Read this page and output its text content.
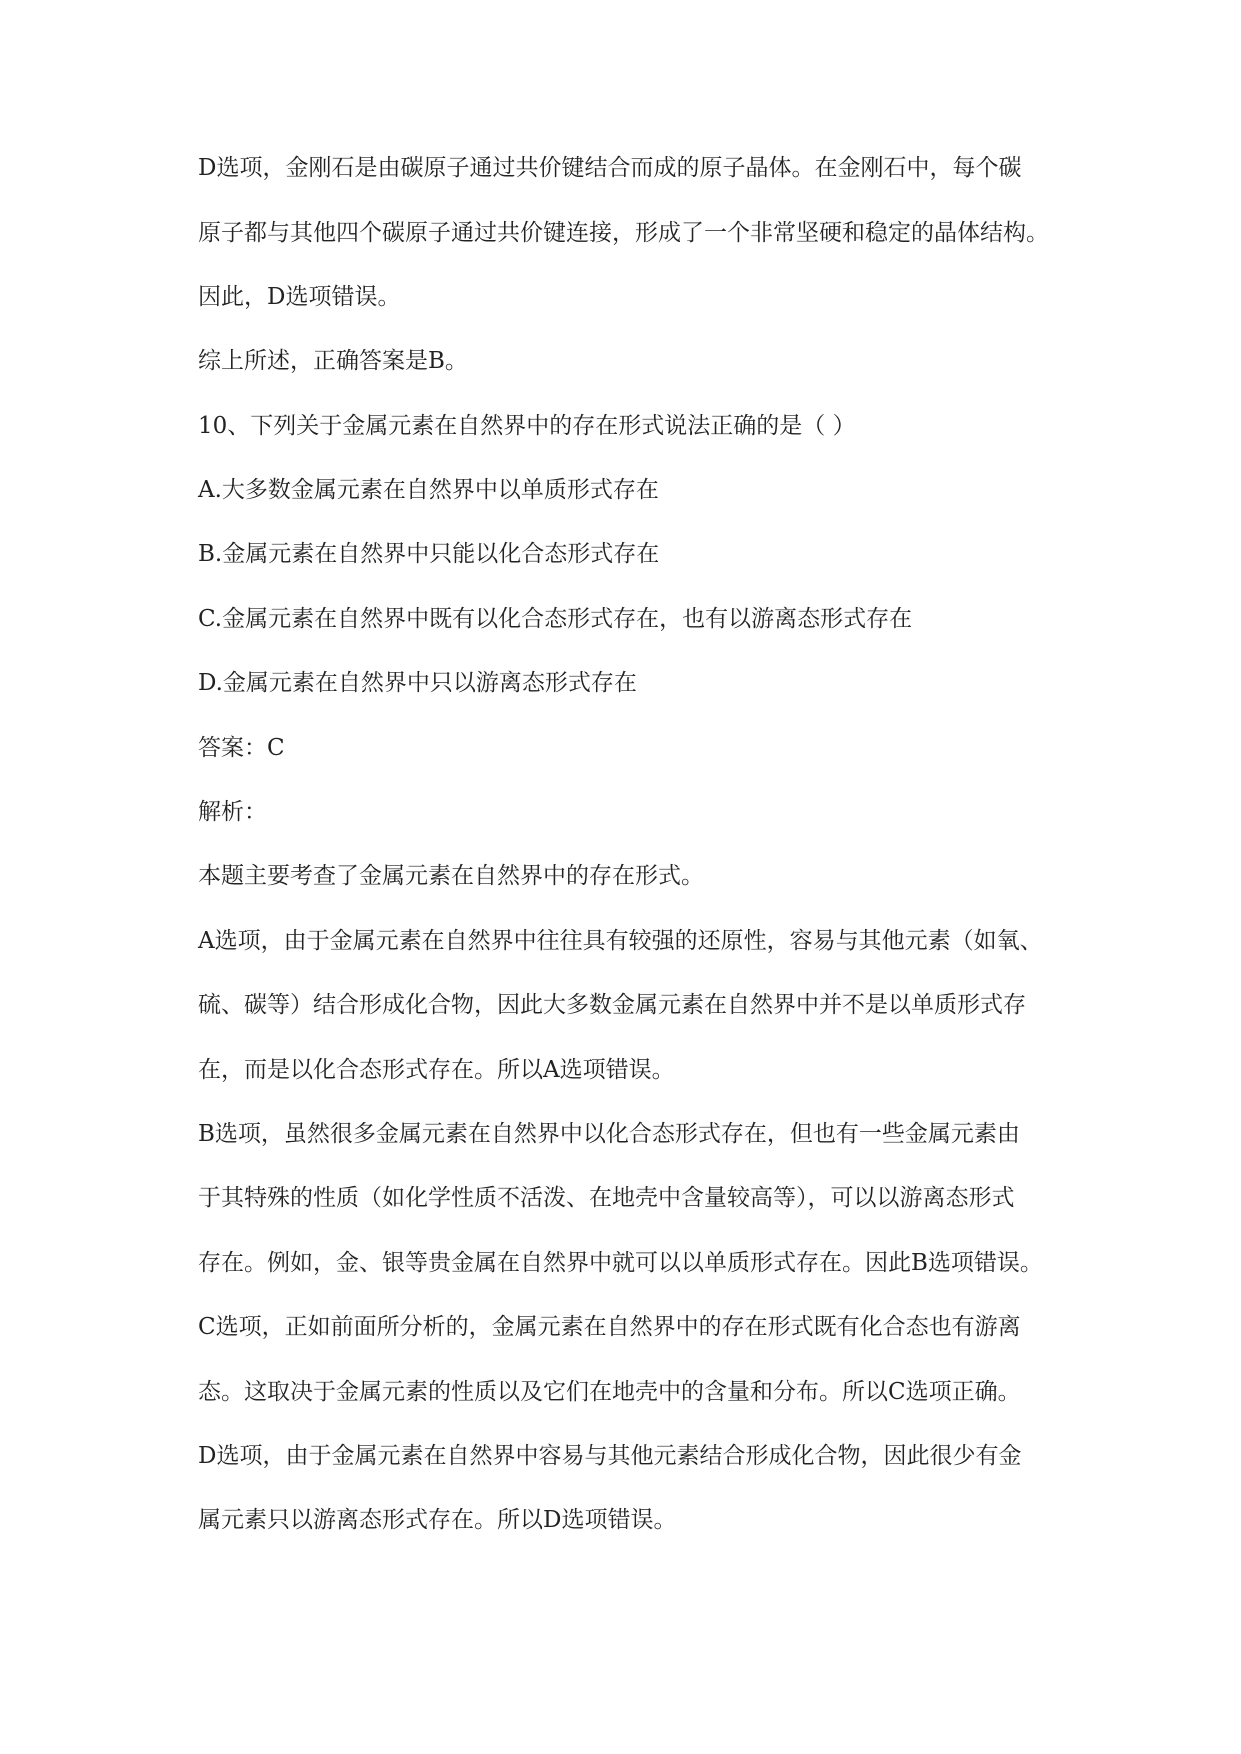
D选项，金刚石是由碳原子通过共价键结合而成的原子晶体。在金刚石中，每个碳

原子都与其他四个碳原子通过共价键连接，形成了一个非常坚硬和稳定的晶体结构。

因此，D选项错误。

综上所述，正确答案是B。

10、下列关于金属元素在自然界中的存在形式说法正确的是（ ）

A.大多数金属元素在自然界中以单质形式存在

B.金属元素在自然界中只能以化合态形式存在

C.金属元素在自然界中既有以化合态形式存在，也有以游离态形式存在

D.金属元素在自然界中只以游离态形式存在

答案：C

解析：

本题主要考查了金属元素在自然界中的存在形式。

A选项，由于金属元素在自然界中往往具有较强的还原性，容易与其他元素（如氧、

硫、碳等）结合形成化合物，因此大多数金属元素在自然界中并不是以单质形式存

在，而是以化合态形式存在。所以A选项错误。

B选项，虽然很多金属元素在自然界中以化合态形式存在，但也有一些金属元素由

于其特殊的性质（如化学性质不活泼、在地壳中含量较高等），可以以游离态形式

存在。例如，金、银等贵金属在自然界中就可以以单质形式存在。因此B选项错误。

C选项，正如前面所分析的，金属元素在自然界中的存在形式既有化合态也有游离

态。这取决于金属元素的性质以及它们在地壳中的含量和分布。所以C选项正确。

D选项，由于金属元素在自然界中容易与其他元素结合形成化合物，因此很少有金

属元素只以游离态形式存在。所以D选项错误。
